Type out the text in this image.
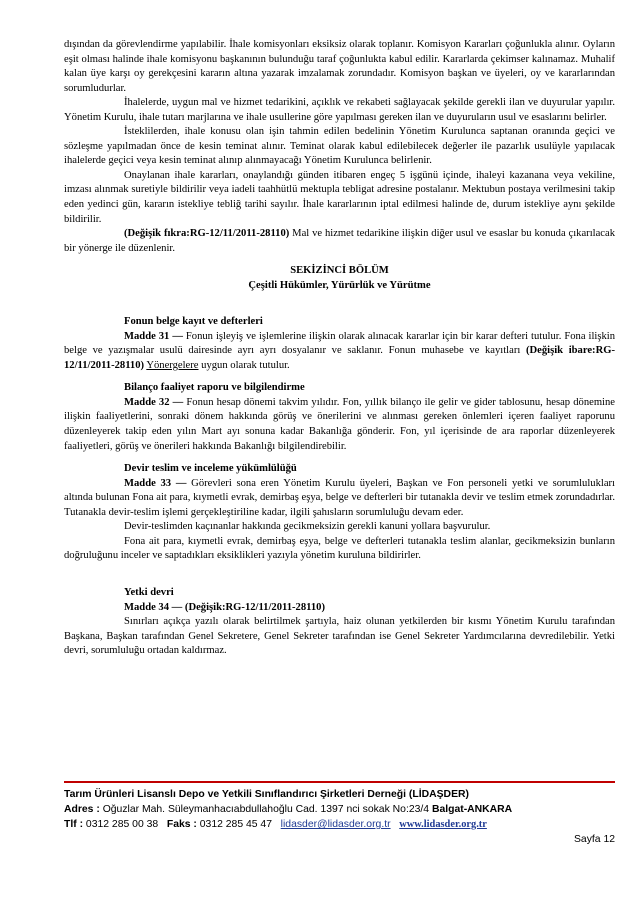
dışından da görevlendirme yapılabilir. İhale komisyonları eksiksiz olarak toplanır. Komisyon Kararları çoğunlukla alınır. Oyların eşit olması halinde ihale komisyonu başkanının bulunduğu taraf çoğunlukta kabul edilir. Kararlarda çekimser kalınamaz. Muhalif kalan üye karşı oy gerekçesini kararın altına yazarak imzalamak zorundadır. Komisyon başkan ve üyeleri, oy ve kararlarından sorumludurlar.

İhalelerde, uygun mal ve hizmet tedarikini, açıklık ve rekabeti sağlayacak şekilde gerekli ilan ve duyurular yapılır. Yönetim Kurulu, ihale tutarı marjlarına ve ihale usullerine göre yapılması gereken ilan ve duyuruların usul ve esaslarını belirler.

İsteklilerden, ihale konusu olan işin tahmin edilen bedelinin Yönetim Kurulunca saptanan oranında geçici ve sözleşme yapılmadan önce de kesin teminat alınır. Teminat olarak kabul edilebilecek değerler ile pazarlık usulüyle yapılacak ihalelerde geçici veya kesin teminat alınıp alınmayacağı Yönetim Kurulunca belirlenir.

Onaylanan ihale kararları, onaylandığı günden itibaren engeç 5 işgünü içinde, ihaleyi kazanana veya vekiline, imzası alınmak suretiyle bildirilir veya iadeli taahhütlü mektupla tebligat adresine postalanır. Mektubun postaya verilmesini takip eden yedinci gün, kararın istekliye tebliğ tarihi sayılır. İhale kararlarının iptal edilmesi halinde de, durum istekliye aynı şekilde bildirilir.

(Değişik fıkra:RG-12/11/2011-28110) Mal ve hizmet tedarikine ilişkin diğer usul ve esaslar bu konuda çıkarılacak bir yönerge ile düzenlenir.

SEKİZİNCİ BÖLÜM
Çeşitli Hükümler, Yürürlük ve Yürütme

Fonun belge kayıt ve defterleri

Madde 31 — Fonun işleyiş ve işlemlerine ilişkin olarak alınacak kararlar için bir karar defteri tutulur. Fona ilişkin belge ve yazışmalar usulü dairesinde ayrı ayrı dosyalanır ve saklanır. Fonun muhasebe ve kayıtları (Değişik ibare:RG-12/11/2011-28110) Yönergelere uygun olarak tutulur.

Bilanço faaliyet raporu ve bilgilendirme

Madde 32 — Fonun hesap dönemi takvim yılıdır. Fon, yıllık bilanço ile gelir ve gider tablosunu, hesap dönemine ilişkin faaliyetlerini, sonraki dönem hakkında görüş ve önerilerini ve alınması gereken önlemleri içeren faaliyet raporunu düzenleyerek takip eden yılın Mart ayı sonuna kadar Bakanlığa gönderir. Fon, yıl içerisinde de ara raporlar düzenleyerek faaliyetleri, görüş ve önerileri hakkında Bakanlığı bilgilendirebilir.

Devir teslim ve inceleme yükümlülüğü

Madde 33 — Görevleri sona eren Yönetim Kurulu üyeleri, Başkan ve Fon personeli yetki ve sorumlulukları altında bulunan Fona ait para, kıymetli evrak, demirbaş eşya, belge ve defterleri bir tutanakla devir ve teslim etmek zorundadırlar. Tutanakla devir-teslim işlemi gerçekleştiriline kadar, ilgili şahısların sorumluluğu devam eder.

Devir-teslimden kaçınanlar hakkında gecikmeksizin gerekli kanuni yollara başvurulur.

Fona ait para, kıymetli evrak, demirbaş eşya, belge ve defterleri tutanakla teslim alanlar, gecikmeksizin bunların doğruluğunu inceler ve saptadıkları eksiklikleri yazıyla yönetim kuruluna bildirirler.

Yetki devri

Madde 34 — (Değişik:RG-12/11/2011-28110)

Sınırları açıkça yazılı olarak belirtilmek şartıyla, haiz olunan yetkilerden bir kısmı Yönetim Kurulu tarafından Başkana, Başkan tarafından Genel Sekretere, Genel Sekreter tarafından ise Genel Sekreter Yardımcılarına devredilebilir. Yetki devri, sorumluluğu ortadan kaldırmaz.

Tarım Ürünleri Lisanslı Depo ve Yetkili Sınıflandırıcı Şirketleri Derneği (LİDAŞDER)
Adres : Oğuzlar Mah. Süleymanhacıabdullahoğlu Cad. 1397 nci sokak No:23/4 Balgat-ANKARA
Tlf : 0312 285 00 38   Faks : 0312 285 45 47 lidasder@lidasder.org.tr www.lidasder.org.tr
Sayfa 12
